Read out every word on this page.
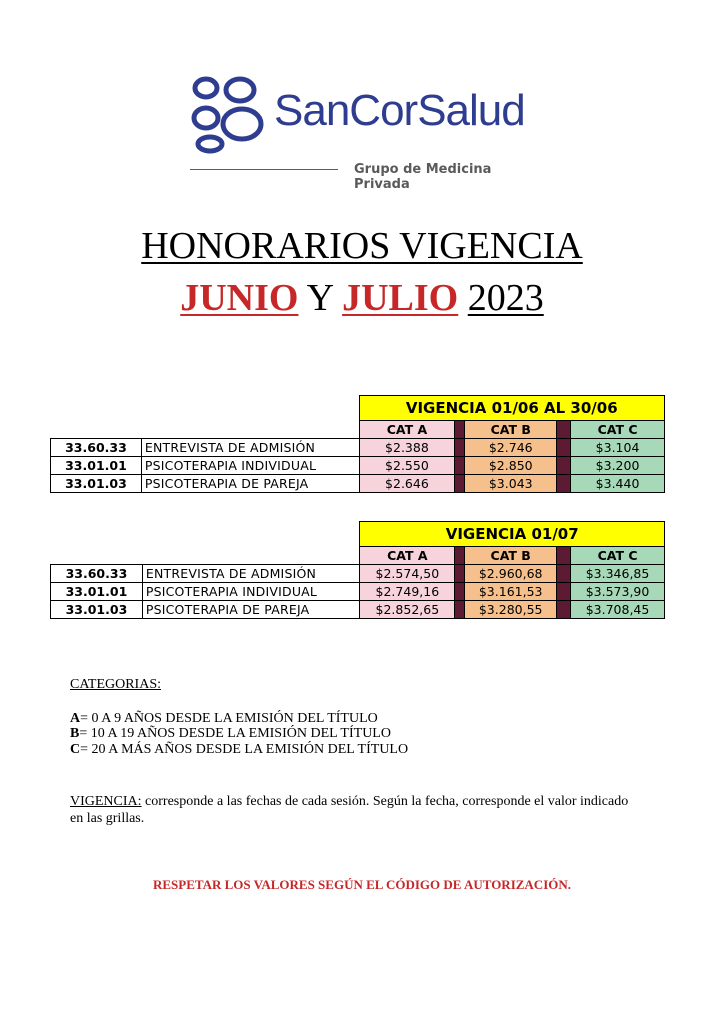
SanCorSalud
Grupo de Medicina Privada
HONORARIOS VIGENCIA
JUNIO Y JULIO 2023
		VIGENCIA 01/06 AL 30/06				
		CAT A		CAT B		CAT C
33.60.33	ENTREVISTA DE ADMISIÓN	$2.388		$2.746		$3.104
33.01.01	PSICOTERAPIA INDIVIDUAL	$2.550		$2.850		$3.200
33.01.03	PSICOTERAPIA DE PAREJA	$2.646		$3.043		$3.440
		VIGENCIA 01/07				
		CAT A		CAT B		CAT C
33.60.33	ENTREVISTA DE ADMISIÓN	$2.574,50		$2.960,68		$3.346,85
33.01.01	PSICOTERAPIA INDIVIDUAL	$2.749,16		$3.161,53		$3.573,90
33.01.03	PSICOTERAPIA DE PAREJA	$2.852,65		$3.280,55		$3.708,45
CATEGORIAS:
A= 0 A 9 AÑOS DESDE LA EMISIÓN DEL TÍTULO
B= 10 A 19 AÑOS DESDE LA EMISIÓN DEL TÍTULO
C= 20 A MÁS AÑOS DESDE LA EMISIÓN DEL TÍTULO
VIGENCIA: corresponde a las fechas de cada sesión. Según la fecha, corresponde el valor indicado
en las grillas.
RESPETAR LOS VALORES SEGÚN EL CÓDIGO DE AUTORIZACIÓN.
